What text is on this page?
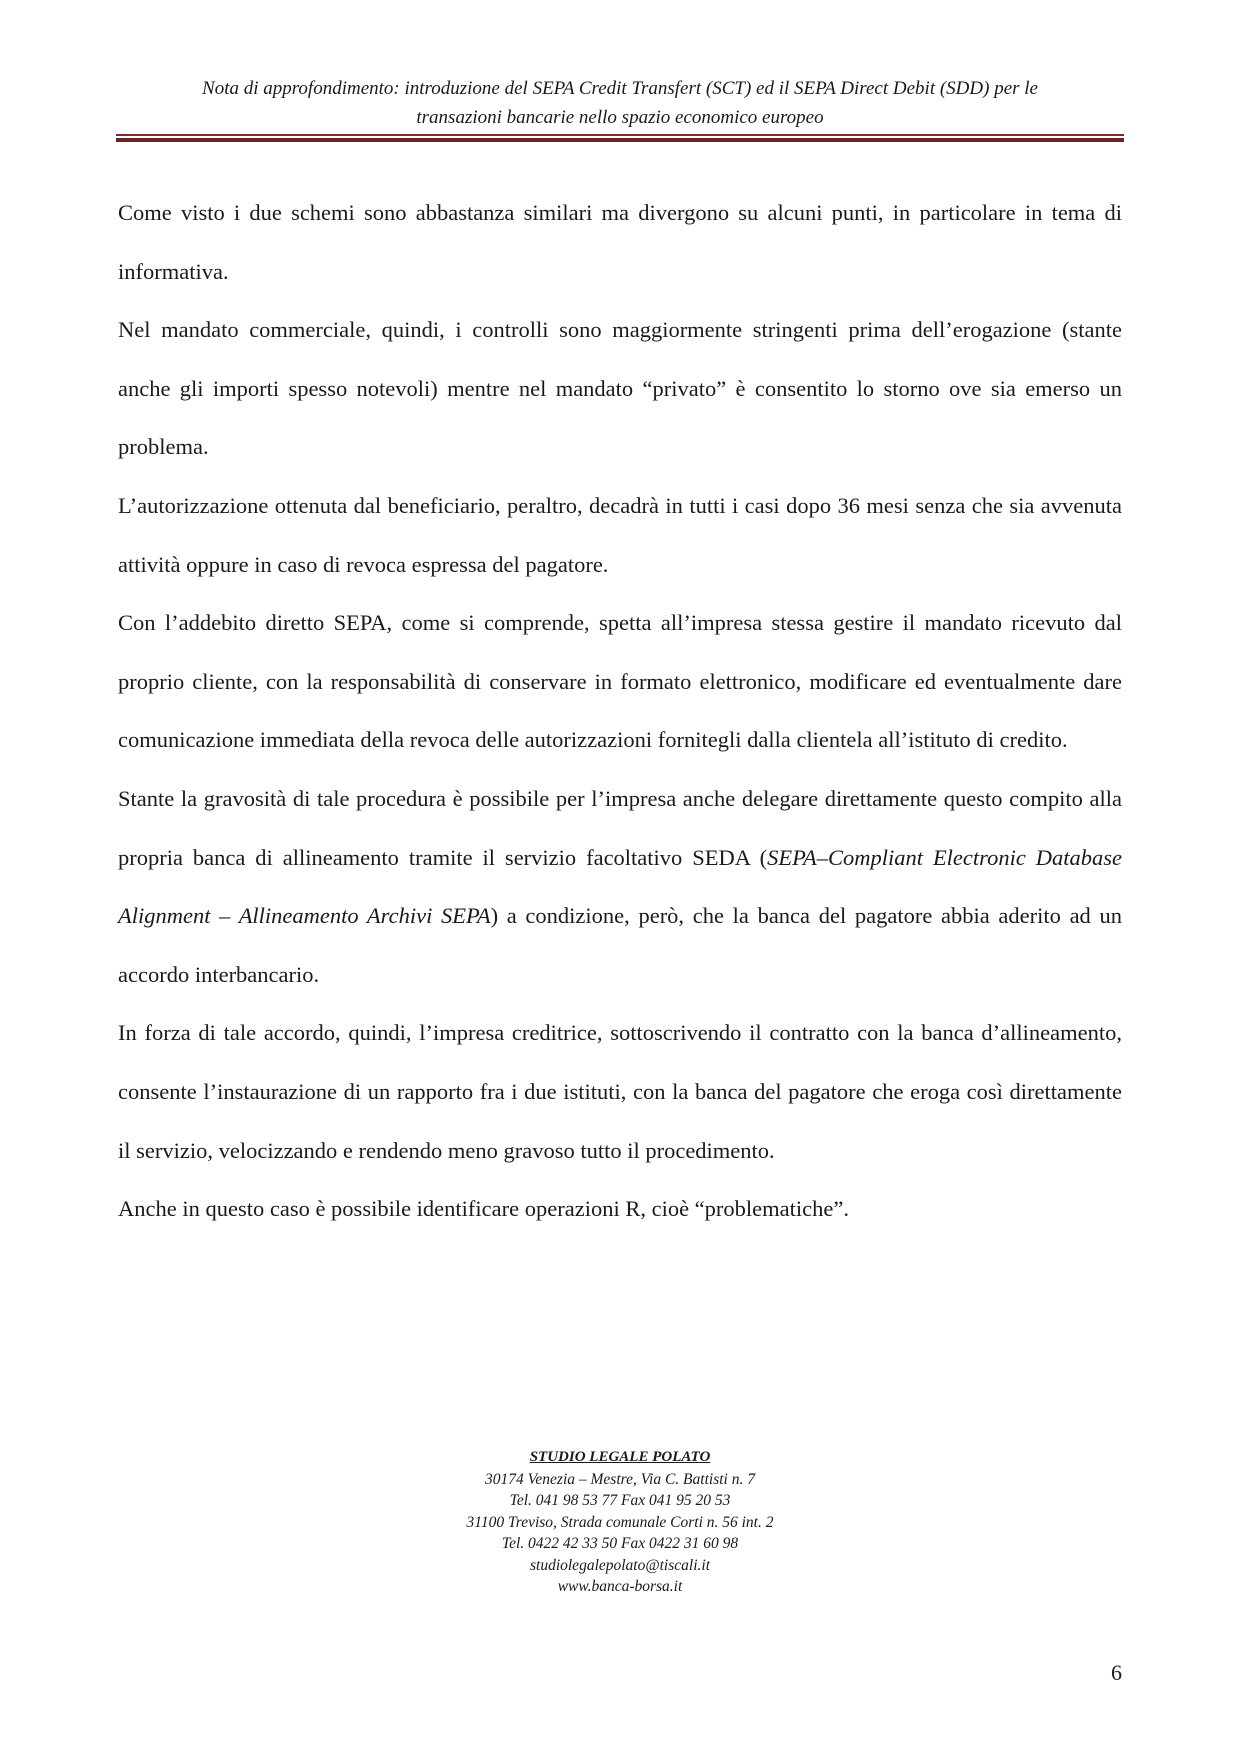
Nota di approfondimento: introduzione del SEPA Credit Transfert (SCT) ed il SEPA Direct Debit (SDD) per le
transazioni bancarie nello spazio economico europeo

Come visto i due schemi sono abbastanza similari ma divergono su alcuni punti, in particolare in tema di informativa.

Nel mandato commerciale, quindi, i controlli sono maggiormente stringenti prima dell’erogazione (stante anche gli importi spesso notevoli) mentre nel mandato “privato” è consentito lo storno ove sia emerso un problema.

L’autorizzazione ottenuta dal beneficiario, peraltro, decadrà in tutti i casi dopo 36 mesi senza che sia avvenuta attività oppure in caso di revoca espressa del pagatore.

Con l’addebito diretto SEPA, come si comprende, spetta all’impresa stessa gestire il mandato ricevuto dal proprio cliente, con la responsabilità di conservare in formato elettronico, modificare ed eventualmente dare comunicazione immediata della revoca delle autorizzazioni fornitegli dalla clientela all’istituto di credito.

Stante la gravosità di tale procedura è possibile per l’impresa anche delegare direttamente questo compito alla propria banca di allineamento tramite il servizio facoltativo SEDA (SEPA–Compliant Electronic Database Alignment – Allineamento Archivi SEPA) a condizione, però, che la banca del pagatore abbia aderito ad un accordo interbancario.

In forza di tale accordo, quindi, l’impresa creditrice, sottoscrivendo il contratto con la banca d’allineamento, consente l’instaurazione di un rapporto fra i due istituti, con la banca del pagatore che eroga così direttamente il servizio, velocizzando e rendendo meno gravoso tutto il procedimento.

Anche in questo caso è possibile identificare operazioni R, cioè “problematiche”.

STUDIO LEGALE POLATO
30174 Venezia – Mestre, Via C. Battisti n. 7
Tel. 041 98 53 77 Fax 041 95 20 53
31100 Treviso, Strada comunale Corti n. 56 int. 2
Tel. 0422 42 33 50 Fax 0422 31 60 98
studiolegalepolato@tiscali.it
www.banca-borsa.it
6
